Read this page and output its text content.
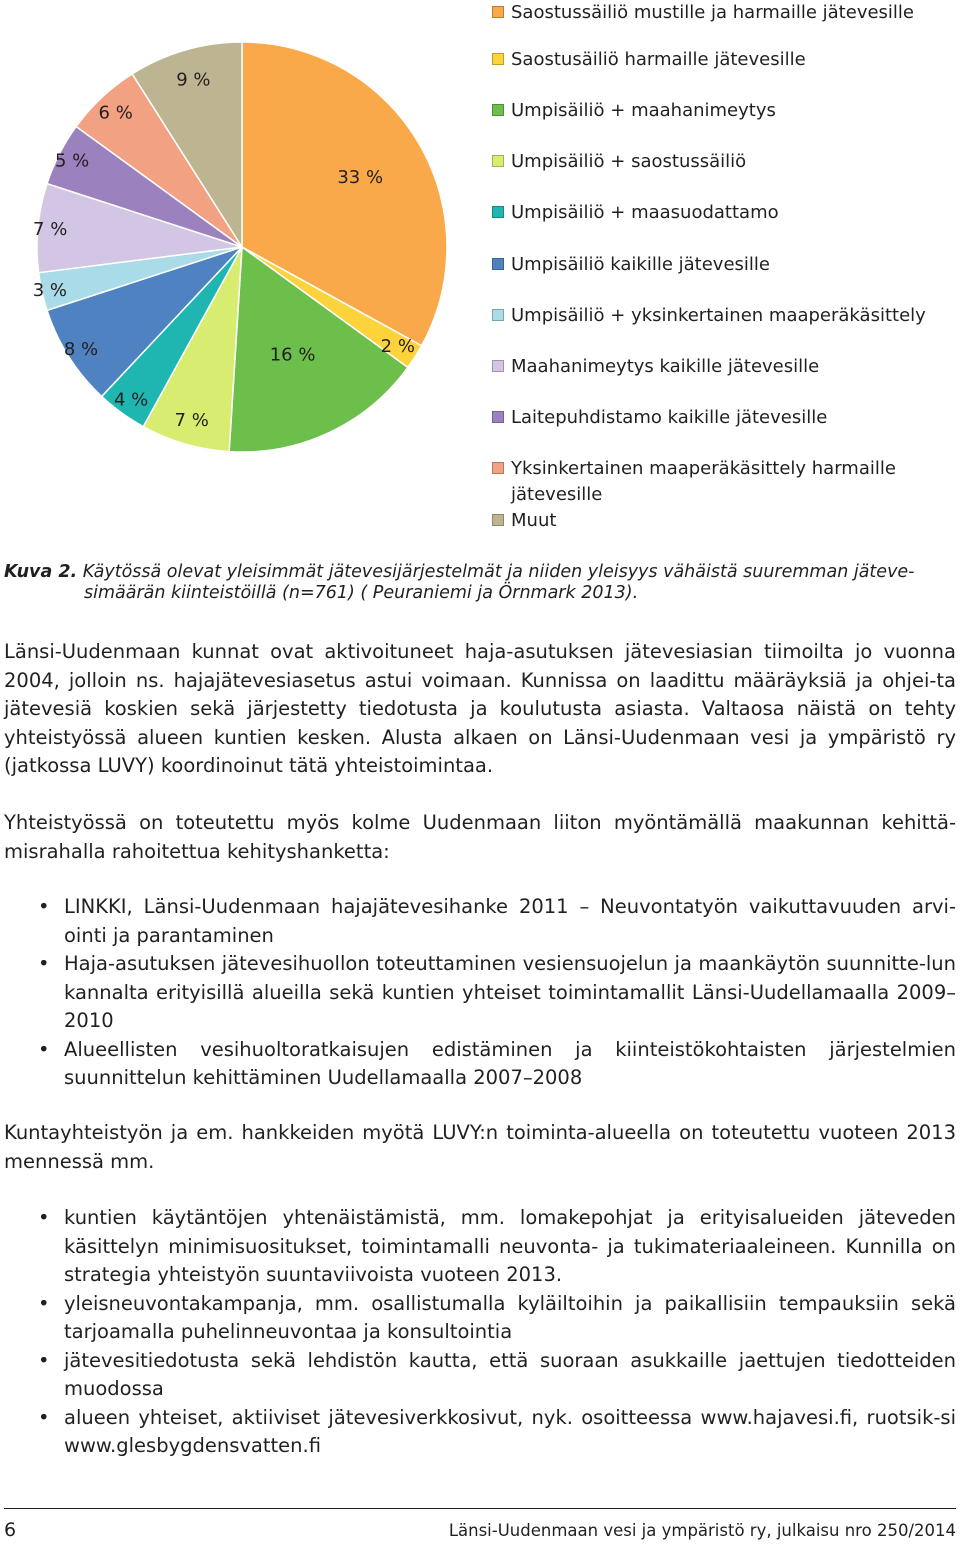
33 %
2 %
16 %
7 %
4 %
8 %
3 %
7 %
5 %
6 %
9 %
Saostussäiliö mustille ja harmaille jätevesille
Saostusäiliö harmaille jätevesille
Umpisäiliö + maahanimeytys
Umpisäiliö + saostussäiliö
Umpisäiliö + maasuodattamo
Umpisäiliö kaikille jätevesille
Umpisäiliö + yksinkertainen maaperäkäsittely
Maahanimeytys kaikille jätevesille
Laitepuhdistamo kaikille jätevesille
Yksinkertainen maaperäkäsittely harmaille jätevesille
Muut
Kuva 2. Käytössä olevat yleisimmät jätevesijärjestelmät ja niiden yleisyys vähäistä suuremman jäteve-
simäärän kiinteistöillä (n=761) ( Peuraniemi ja Örnmark 2013).

Länsi-Uudenmaan kunnat ovat aktivoituneet haja-asutuksen jätevesiasian tiimoilta jo vuonna 2004, jolloin ns. hajajätevesiasetus astui voimaan. Kunnissa on laadittu määräyksiä ja ohjei-ta jätevesiä koskien sekä järjestetty tiedotusta ja koulutusta asiasta. Valtaosa näistä on tehty yhteistyössä alueen kuntien kesken. Alusta alkaen on Länsi-Uudenmaan vesi ja ympäristö ry (jatkossa LUVY) koordinoinut tätä yhteistoimintaa.

Yhteistyössä on toteutettu myös kolme Uudenmaan liiton myöntämällä maakunnan kehittä-misrahalla rahoitettua kehityshanketta:

• LINKKI, Länsi-Uudenmaan hajajätevesihanke 2011 – Neuvontatyön vaikuttavuuden arvi-ointi ja parantaminen
• Haja-asutuksen jätevesihuollon toteuttaminen vesiensuojelun ja maankäytön suunnitte-lun kannalta erityisillä alueilla sekä kuntien yhteiset toimintamallit Länsi-Uudellamaalla 2009–2010
• Alueellisten vesihuoltoratkaisujen edistäminen ja kiinteistökohtaisten järjestelmien suunnittelun kehittäminen Uudellamaalla 2007–2008

Kuntayhteistyön ja em. hankkeiden myötä LUVY:n toiminta-alueella on toteutettu vuoteen 2013 mennessä mm.

• kuntien käytäntöjen yhtenäistämistä, mm. lomakepohjat ja erityisalueiden jäteveden käsittelyn minimisuositukset, toimintamalli neuvonta- ja tukimateriaaleineen. Kunnilla on strategia yhteistyön suuntaviivoista vuoteen 2013.
• yleisneuvontakampanja, mm. osallistumalla kyläiltoihin ja paikallisiin tempauksiin sekä tarjoamalla puhelinneuvontaa ja konsultointia
• jätevesitiedotusta sekä lehdistön kautta, että suoraan asukkaille jaettujen tiedotteiden muodossa
• alueen yhteiset, aktiiviset jätevesiverkkosivut, nyk. osoitteessa www.hajavesi.fi, ruotsik-si www.glesbygdensvatten.fi
6	Länsi-Uudenmaan vesi ja ympäristö ry, julkaisu nro 250/2014
